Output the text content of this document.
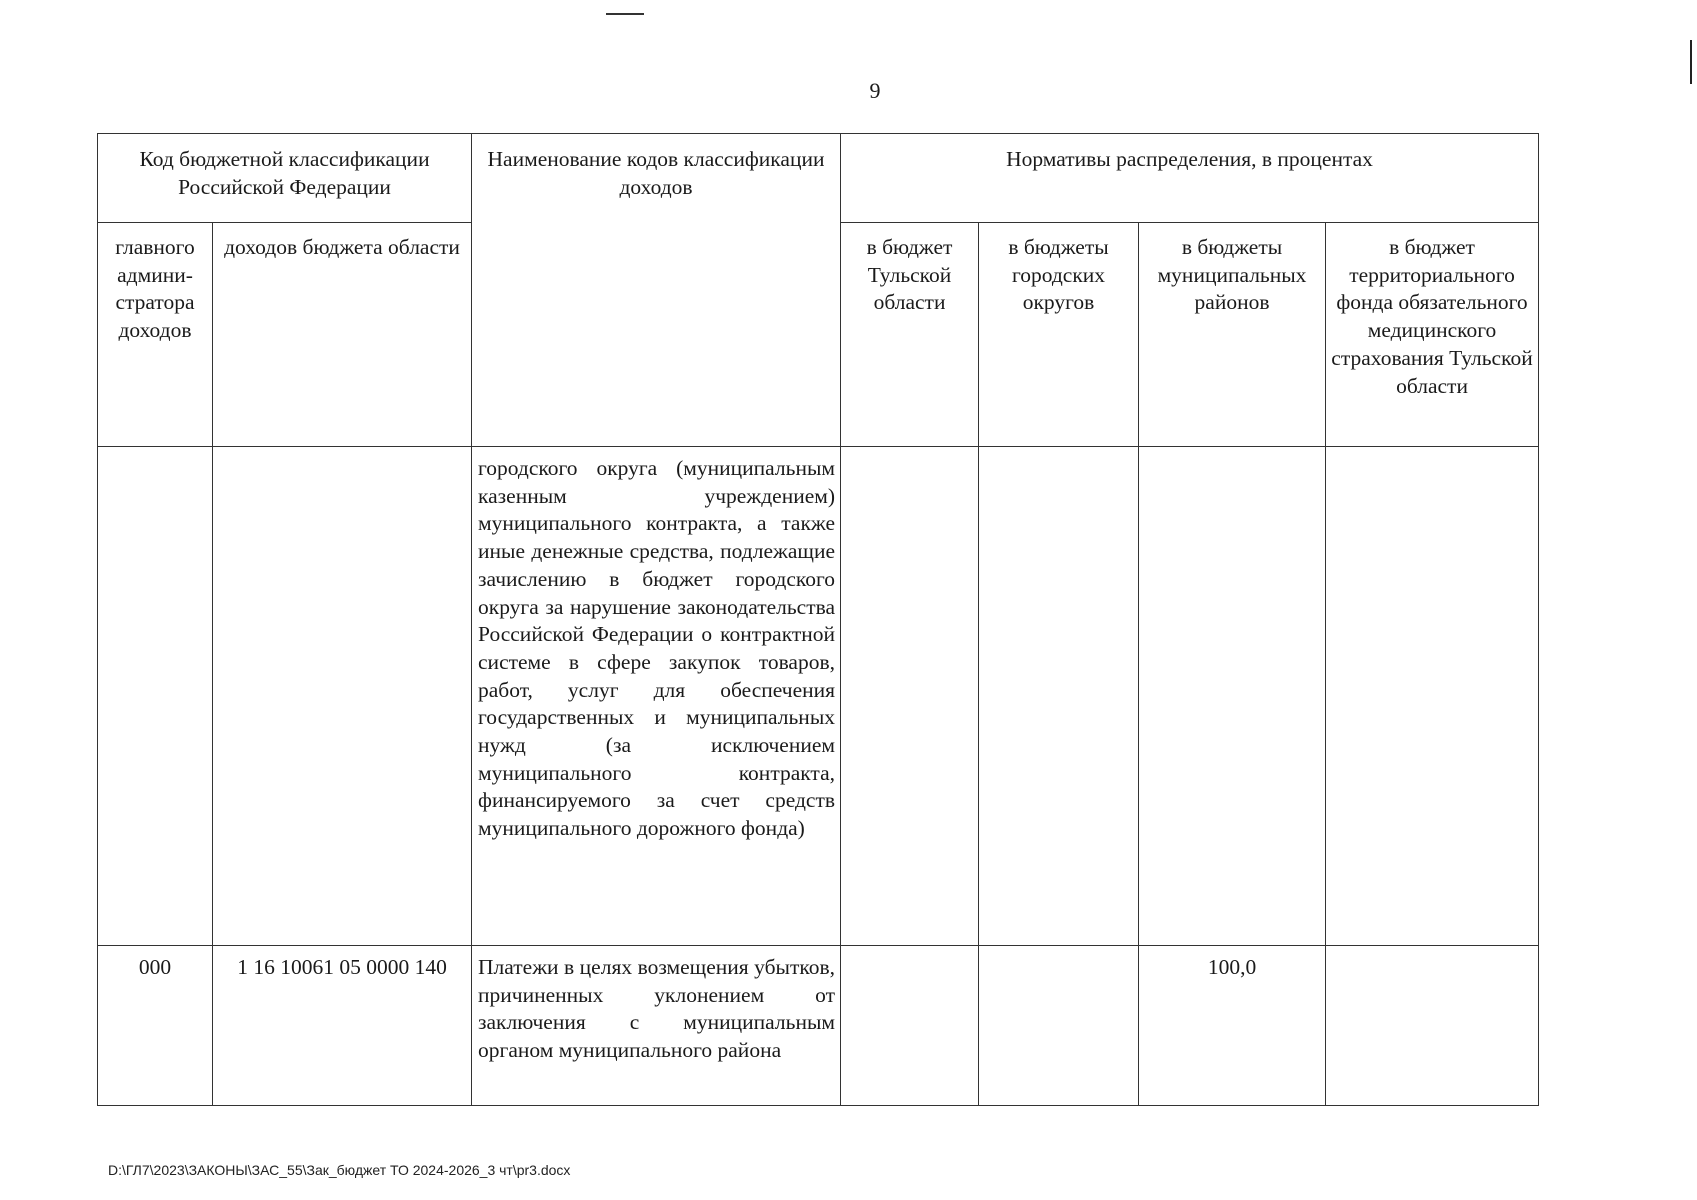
9
Код бюджетной классификации Российской Федерации		Наименование кодов классификации доходов	Нормативы распределения, в процентах			
главного админи-стратора доходов	доходов бюджета области		в бюджет Тульской области	в бюджеты городских округов	в бюджеты муниципальных районов	в бюджет территориального фонда обязательного медицинского страхования Тульской области
		городского округа (муниципальным казенным учреждением) муниципального контракта, а также иные денежные средства, подлежащие зачислению в бюджет городского округа за нарушение законодательства Российской Федерации о контрактной системе в сфере закупок товаров, работ, услуг для обеспечения государственных и муниципальных нужд (за исключением муниципального контракта, финансируемого за счет средств муниципального дорожного фонда)				
000	1 16 10061 05 0000 140	Платежи в целях возмещения убытков, причиненных уклонением от заключения с муниципальным органом муниципального района			100,0	
D:\ГЛ7\2023\ЗАКОНЫ\ЗАС_55\Зак_бюджет ТО 2024-2026_3 чт\pr3.docx
